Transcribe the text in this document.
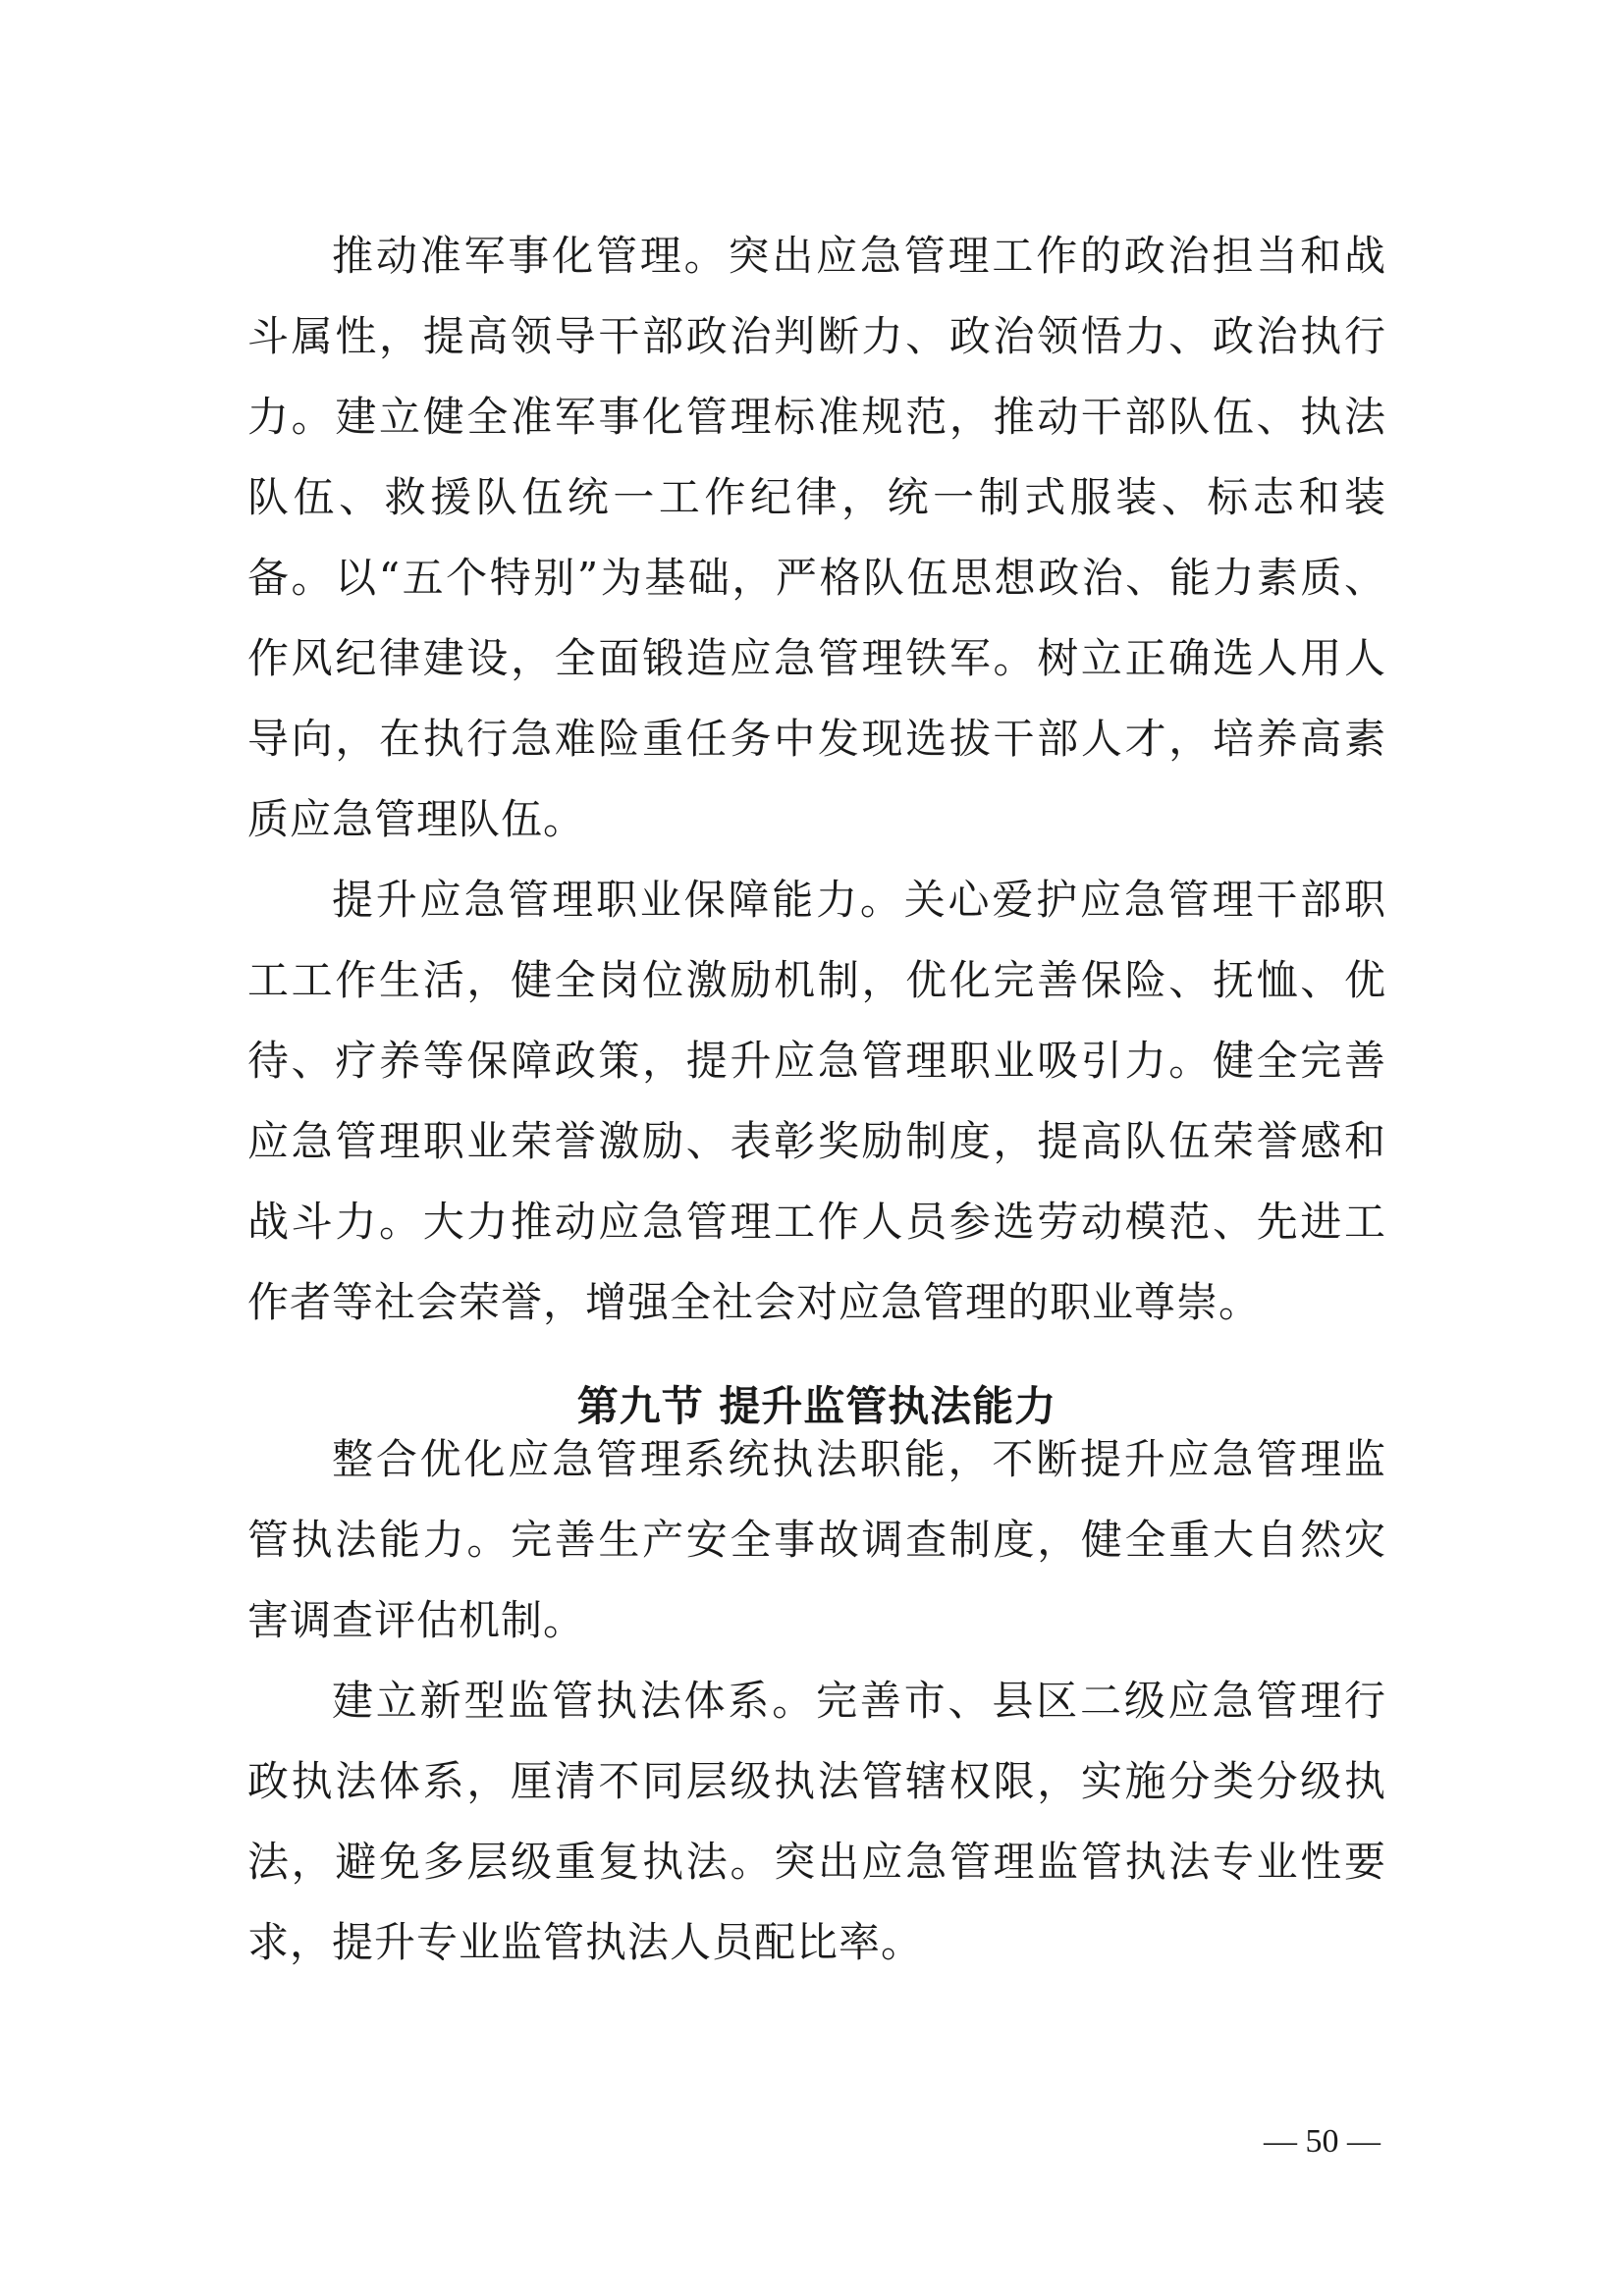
推动准军事化管理。突出应急管理工作的政治担当和战斗属性，提高领导干部政治判断力、政治领悟力、政治执行力。建立健全准军事化管理标准规范，推动干部队伍、执法队伍、救援队伍统一工作纪律，统一制式服装、标志和装备。以“五个特别”为基础，严格队伍思想政治、能力素质、作风纪律建设，全面锻造应急管理铁军。树立正确选人用人导向，在执行急难险重任务中发现选拔干部人才，培养高素质应急管理队伍。

提升应急管理职业保障能力。关心爱护应急管理干部职工工作生活，健全岗位激励机制，优化完善保险、抚恤、优待、疗养等保障政策，提升应急管理职业吸引力。健全完善应急管理职业荣誉激励、表彰奖励制度，提高队伍荣誉感和战斗力。大力推动应急管理工作人员参选劳动模范、先进工作者等社会荣誉，增强全社会对应急管理的职业尊崇。

第九节 提升监管执法能力

整合优化应急管理系统执法职能，不断提升应急管理监管执法能力。完善生产安全事故调查制度，健全重大自然灾害调查评估机制。

建立新型监管执法体系。完善市、县区二级应急管理行政执法体系，厘清不同层级执法管辖权限，实施分类分级执法，避免多层级重复执法。突出应急管理监管执法专业性要求，提升专业监管执法人员配比率。

— 50 —
